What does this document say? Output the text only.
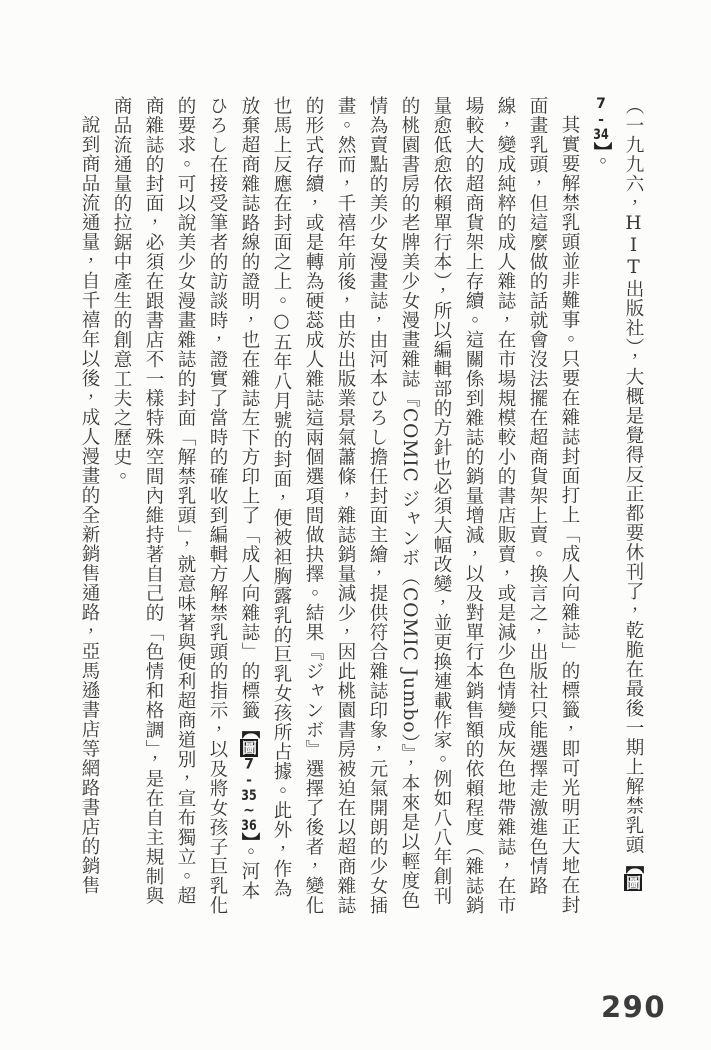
（一九九六，HIT出版社），大概是覺得反正都要休刊了，乾脆在最後一期上解禁乳頭【圖7-34】。

其實要解禁乳頭並非難事。只要在雜誌封面打上「成人向雜誌」的標籤，即可光明正大地在封面畫乳頭，但這麼做的話就會沒法擺在超商貨架上賣。換言之，出版社只能選擇走激進色情路線，變成純粹的成人雜誌，在市場規模較小的書店販賣，或是減少色情變成灰色地帶雜誌，在市場較大的超商貨架上存續。這關係到雜誌的銷量增減，以及對單行本銷售額的依賴程度（雜誌銷量愈低愈依賴單行本），所以編輯部的方針也必須大幅改變，並更換連載作家。例如八八年創刊的桃園書房的老牌美少女漫畫雜誌『COMIC ジャンボ（COMIC Jumbo）』，本來是以輕度色情為賣點的美少女漫畫誌，由河本ひろし擔任封面主繪，提供符合雜誌印象，元氣開朗的少女插畫。然而，千禧年前後，由於出版業景氣蕭條，雜誌銷量減少，因此桃園書房被迫在以超商雜誌的形式存續，或是轉為硬蕊成人雜誌這兩個選項間做抉擇。結果『ジャンボ』選擇了後者，變化也馬上反應在封面之上。○五年八月號的封面，便被袒胸露乳的巨乳女孩所占據。此外，作為放棄超商雜誌路線的證明，也在雜誌左下方印上了「成人向雜誌」的標籤【圖7-35~36】。河本ひろし在接受筆者的訪談時，證實了當時的確收到編輯方解禁乳頭的指示，以及將女孩子巨乳化的要求。可以說美少女漫畫雜誌的封面「解禁乳頭」，就意味著與便利超商道別，宣布獨立。超商雜誌的封面，必須在跟書店不一樣特殊空間內維持著自己的「色情和格調」，是在自主規制與商品流通量的拉鋸中產生的創意工夫之歷史。

說到商品流通量，自千禧年以後，成人漫畫的全新銷售通路，亞馬遜書店等網路書店的銷售

290
